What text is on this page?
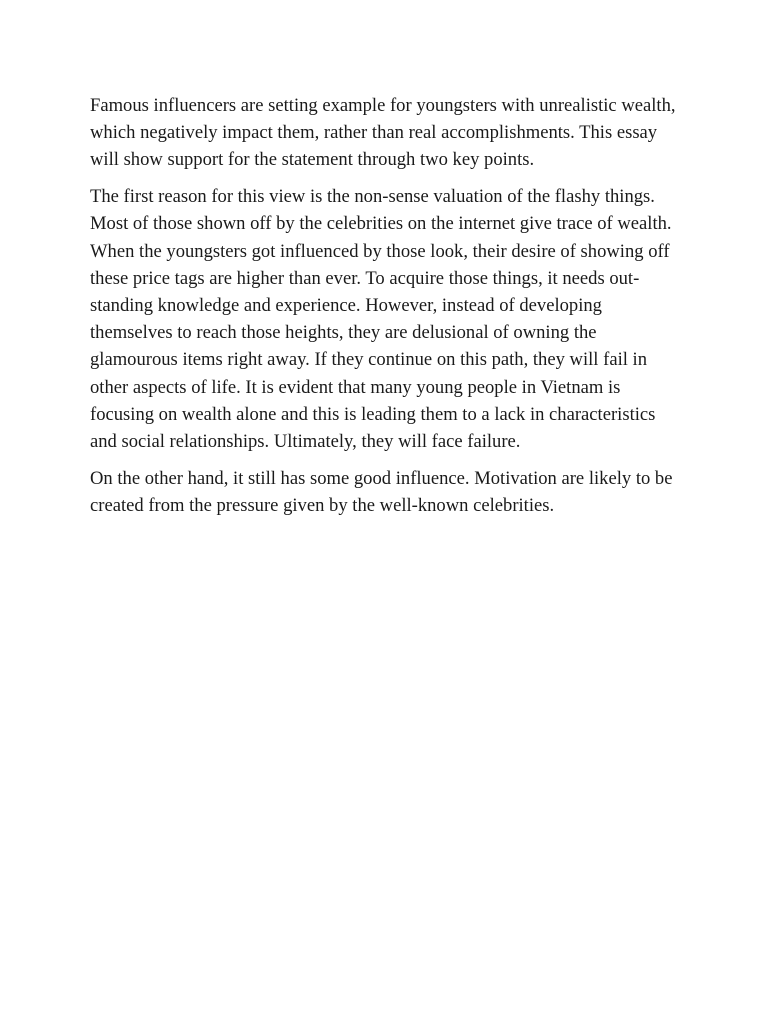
Famous influencers are setting example for youngsters with unrealistic wealth, which negatively impact them, rather than real accomplishments. This essay will show support for the statement through two key points.

The first reason for this view is the non-sense valuation of the flashy things. Most of those shown off by the celebrities on the internet give trace of wealth. When the youngsters got influenced by those look, their desire of showing off these price tags are higher than ever. To acquire those things, it needs out-standing knowledge and experience. However, instead of developing themselves to reach those heights, they are delusional of owning the glamourous items right away. If they continue on this path, they will fail in other aspects of life. It is evident that many young people in Vietnam is focusing on wealth alone and this is leading them to a lack in characteristics and social relationships. Ultimately, they will face failure.

On the other hand, it still has some good influence. Motivation are likely to be created from the pressure given by the well-known celebrities.
